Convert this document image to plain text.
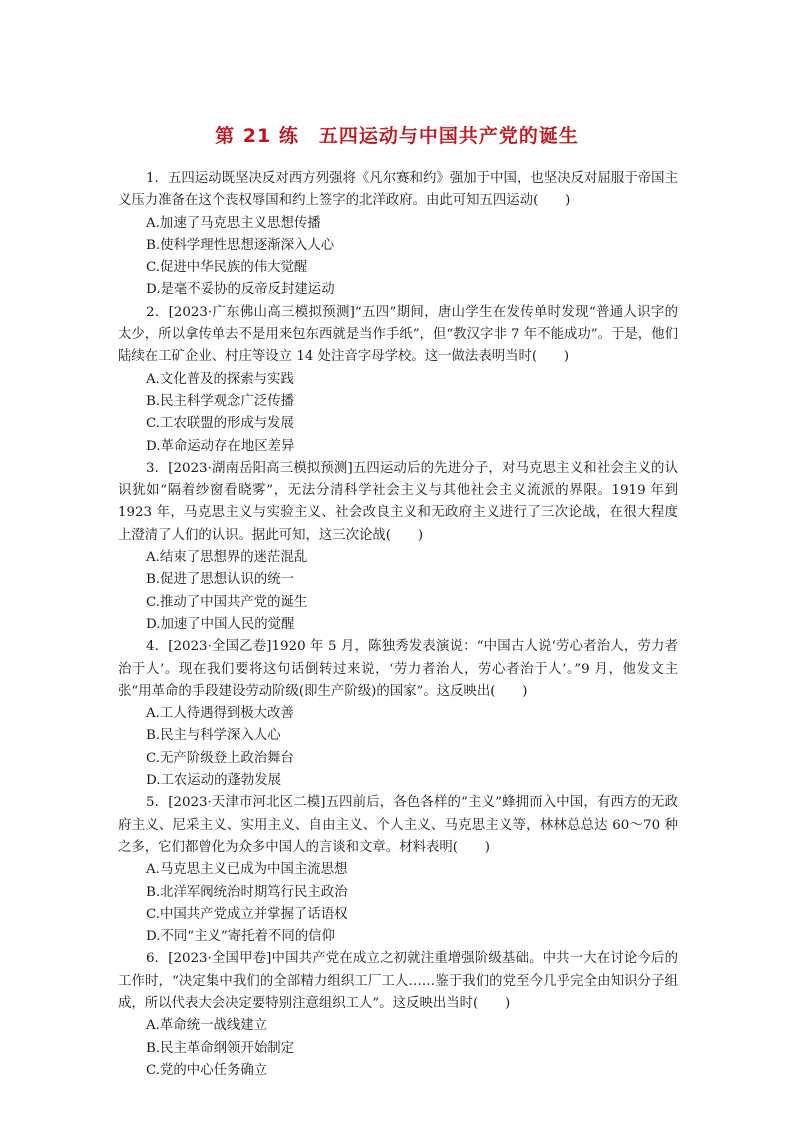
第 21 练　五四运动与中国共产党的诞生

1．五四运动既坚决反对西方列强将《凡尔赛和约》强加于中国，也坚决反对屈服于帝国主义压力准备在这个丧权辱国和约上签字的北洋政府。由此可知五四运动(　　)

A.加速了马克思主义思想传播

B.使科学理性思想逐渐深入人心

C.促进中华民族的伟大觉醒

D.是毫不妥协的反帝反封建运动

2．[2023·广东佛山高三模拟预测]“五四”期间，唐山学生在发传单时发现“普通人识字的太少，所以拿传单去不是用来包东西就是当作手纸”，但“教汉字非 7 年不能成功”。于是，他们陆续在工矿企业、村庄等设立 14 处注音字母学校。这一做法表明当时(　　)

A.文化普及的探索与实践

B.民主科学观念广泛传播

C.工农联盟的形成与发展

D.革命运动存在地区差异

3．[2023·湖南岳阳高三模拟预测]五四运动后的先进分子，对马克思主义和社会主义的认识犹如“隔着纱窗看晓雾”，无法分清科学社会主义与其他社会主义流派的界限。1919 年到 1923 年，马克思主义与实验主义、社会改良主义和无政府主义进行了三次论战，在很大程度上澄清了人们的认识。据此可知，这三次论战(　　)

A.结束了思想界的迷茫混乱

B.促进了思想认识的统一

C.推动了中国共产党的诞生

D.加速了中国人民的觉醒

4．[2023·全国乙卷]1920 年 5 月，陈独秀发表演说：“中国古人说‘劳心者治人，劳力者治于人’。现在我们要将这句话倒转过来说，‘劳力者治人，劳心者治于人’。”9 月，他发文主张“用革命的手段建设劳动阶级(即生产阶级)的国家”。这反映出(　　)

A.工人待遇得到极大改善

B.民主与科学深入人心

C.无产阶级登上政治舞台

D.工农运动的蓬勃发展

5．[2023·天津市河北区二模]五四前后，各色各样的“主义”蜂拥而入中国，有西方的无政府主义、尼采主义、实用主义、自由主义、个人主义、马克思主义等，林林总总达 60～70 种之多，它们都曾化为众多中国人的言谈和文章。材料表明(　　)

A.马克思主义已成为中国主流思想

B.北洋军阀统治时期笃行民主政治

C.中国共产党成立并掌握了话语权

D.不同“主义”寄托着不同的信仰

6．[2023·全国甲卷]中国共产党在成立之初就注重增强阶级基础。中共一大在讨论今后的工作时，“决定集中我们的全部精力组织工厂工人……鉴于我们的党至今几乎完全由知识分子组成，所以代表大会决定要特别注意组织工人”。这反映出当时(　　)

A.革命统一战线建立

B.民主革命纲领开始制定

C.党的中心任务确立
